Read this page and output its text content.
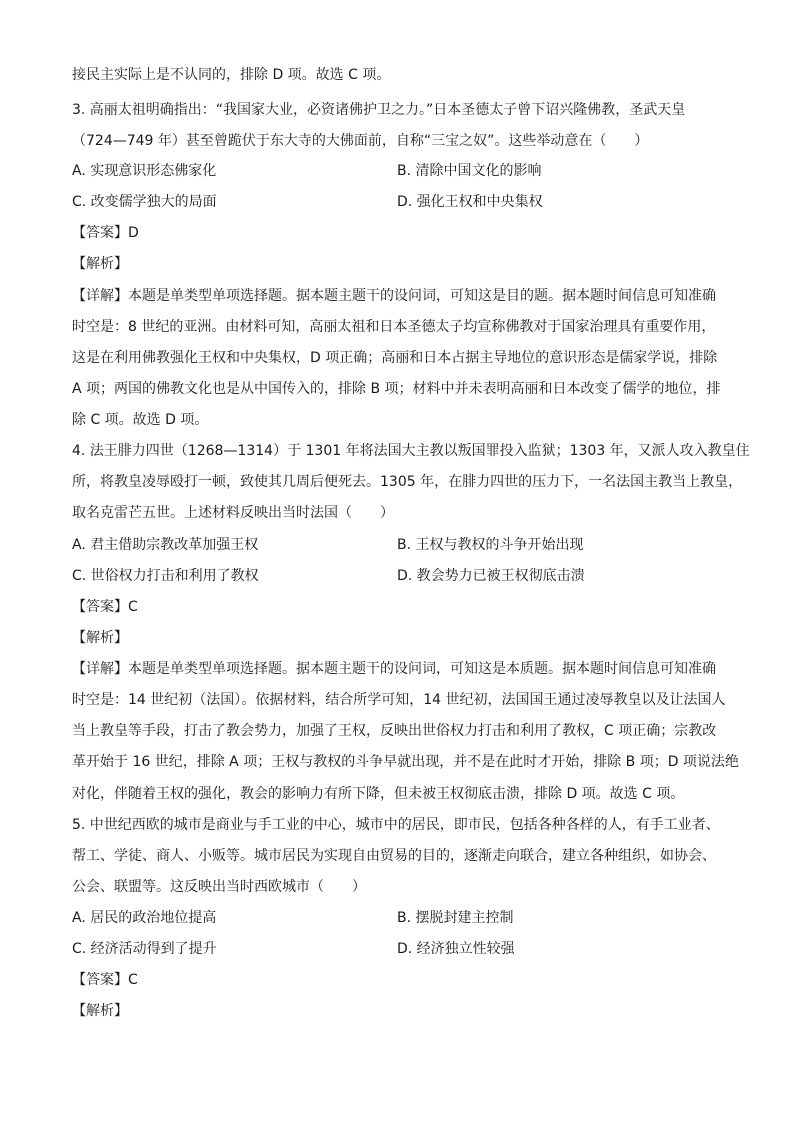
接民主实际上是不认同的，排除 D 项。故选 C 项。
3. 高丽太祖明确指出：“我国家大业，必资诸佛护卫之力。”日本圣德太子曾下诏兴隆佛教，圣武天皇
（724—749 年）甚至曾跪伏于东大寺的大佛面前，自称“三宝之奴”。这些举动意在（　　）
A. 实现意识形态佛家化	B. 清除中国文化的影响
C. 改变儒学独大的局面	D. 强化王权和中央集权
【答案】D
【解析】
【详解】本题是单类型单项选择题。据本题主题干的设问词，可知这是目的题。据本题时间信息可知准确
时空是：8 世纪的亚洲。由材料可知，高丽太祖和日本圣德太子均宣称佛教对于国家治理具有重要作用，
这是在利用佛教强化王权和中央集权，D 项正确；高丽和日本占据主导地位的意识形态是儒家学说，排除
A 项；两国的佛教文化也是从中国传入的，排除 B 项；材料中并未表明高丽和日本改变了儒学的地位，排
除 C 项。故选 D 项。
4. 法王腓力四世（1268—1314）于 1301 年将法国大主教以叛国罪投入监狱；1303 年，又派人攻入教皇住
所，将教皇凌辱殴打一顿，致使其几周后便死去。1305 年，在腓力四世的压力下，一名法国主教当上教皇，
取名克雷芒五世。上述材料反映出当时法国（　　）
A. 君主借助宗教改革加强王权	B. 王权与教权的斗争开始出现
C. 世俗权力打击和利用了教权	D. 教会势力已被王权彻底击溃
【答案】C
【解析】
【详解】本题是单类型单项选择题。据本题主题干的设问词，可知这是本质题。据本题时间信息可知准确
时空是：14 世纪初（法国）。依据材料，结合所学可知，14 世纪初，法国国王通过凌辱教皇以及让法国人
当上教皇等手段，打击了教会势力，加强了王权，反映出世俗权力打击和利用了教权，C 项正确；宗教改
革开始于 16 世纪，排除 A 项；王权与教权的斗争早就出现，并不是在此时才开始，排除 B 项；D 项说法绝
对化，伴随着王权的强化，教会的影响力有所下降，但未被王权彻底击溃，排除 D 项。故选 C 项。
5. 中世纪西欧的城市是商业与手工业的中心，城市中的居民，即市民，包括各种各样的人，有手工业者、
帮工、学徒、商人、小贩等。城市居民为实现自由贸易的目的，逐渐走向联合，建立各种组织，如协会、
公会、联盟等。这反映出当时西欧城市（　　）
A. 居民的政治地位提高	B. 摆脱封建主控制
C. 经济活动得到了提升	D. 经济独立性较强
【答案】C
【解析】
